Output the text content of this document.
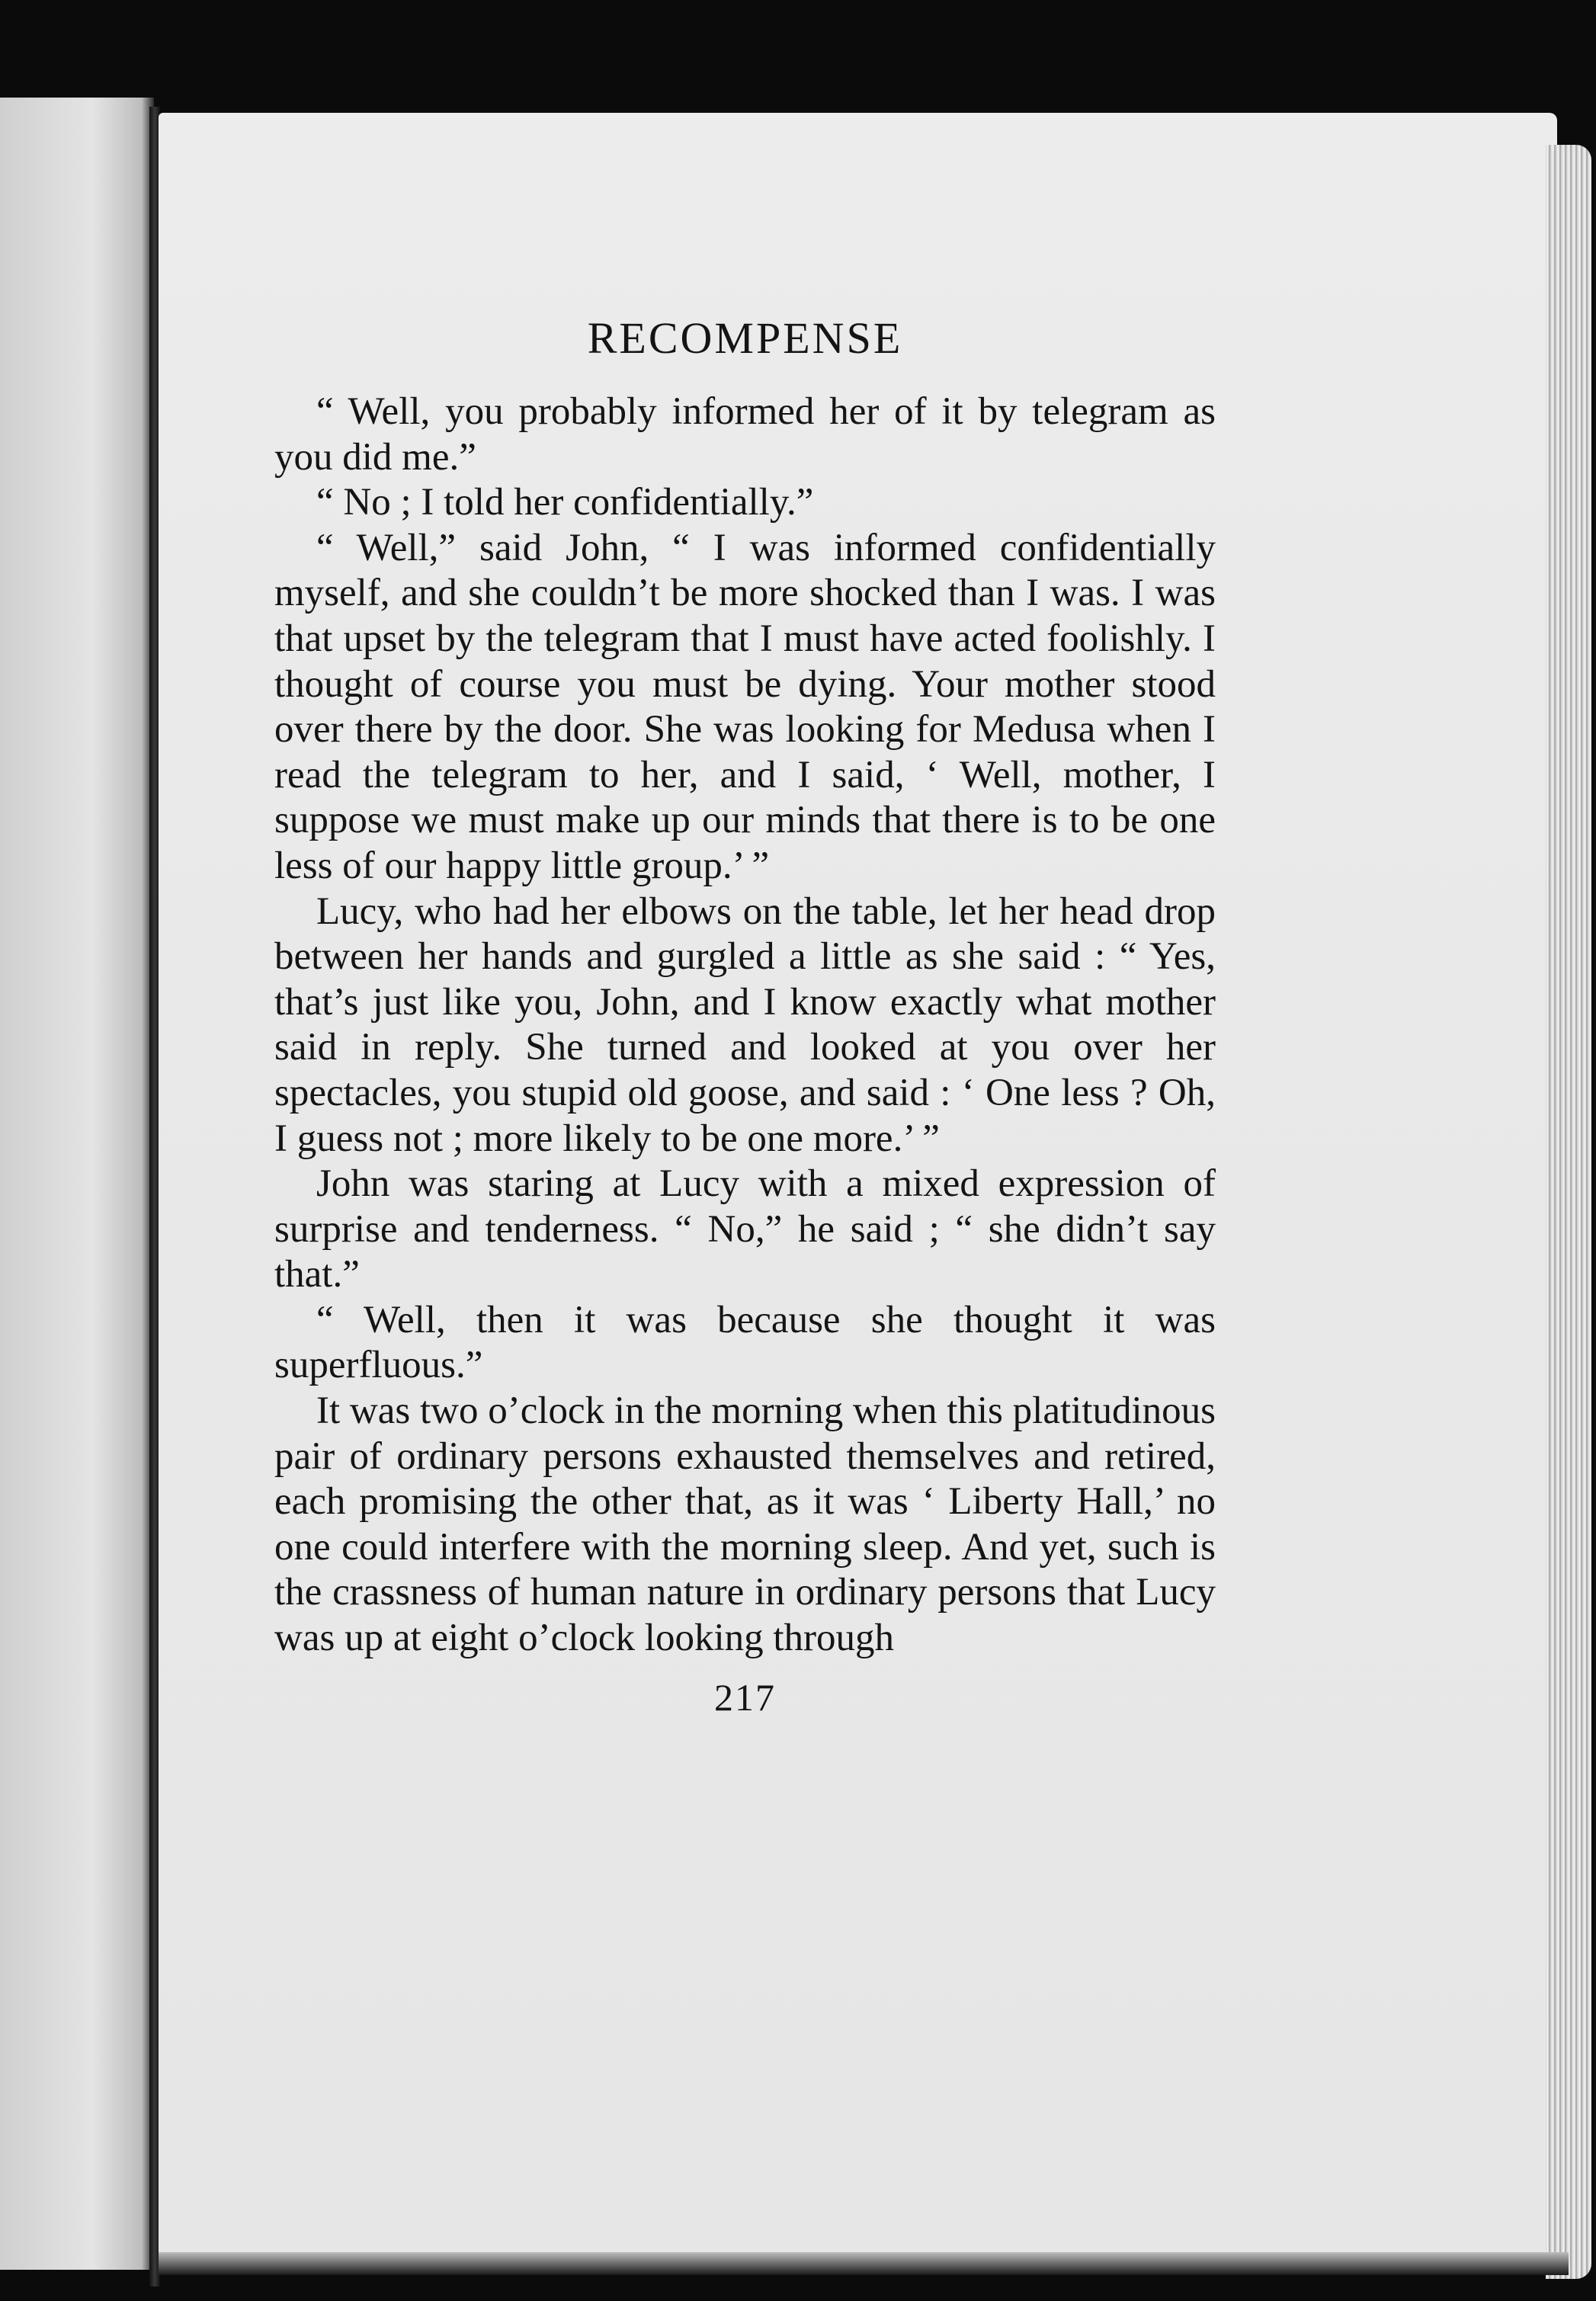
RECOMPENSE

“ Well, you probably informed her of it by telegram as you did me.”

“ No ; I told her confidentially.”

“ Well,” said John, “ I was informed confidentially myself, and she couldn’t be more shocked than I was. I was that upset by the telegram that I must have acted foolishly. I thought of course you must be dying. Your mother stood over there by the door. She was looking for Medusa when I read the telegram to her, and I said, ‘ Well, mother, I suppose we must make up our minds that there is to be one less of our happy little group.’ ”

Lucy, who had her elbows on the table, let her head drop between her hands and gurgled a little as she said : “ Yes, that’s just like you, John, and I know exactly what mother said in reply. She turned and looked at you over her spectacles, you stupid old goose, and said : ‘ One less ? Oh, I guess not ; more likely to be one more.’ ”

John was staring at Lucy with a mixed expression of surprise and tenderness. “ No,” he said ; “ she didn’t say that.”

“ Well, then it was because she thought it was superfluous.”

It was two o’clock in the morning when this platitudinous pair of ordinary persons exhausted themselves and retired, each promising the other that, as it was ‘ Liberty Hall,’ no one could interfere with the morning sleep. And yet, such is the crassness of human nature in ordinary persons that Lucy was up at eight o’clock looking through

217
